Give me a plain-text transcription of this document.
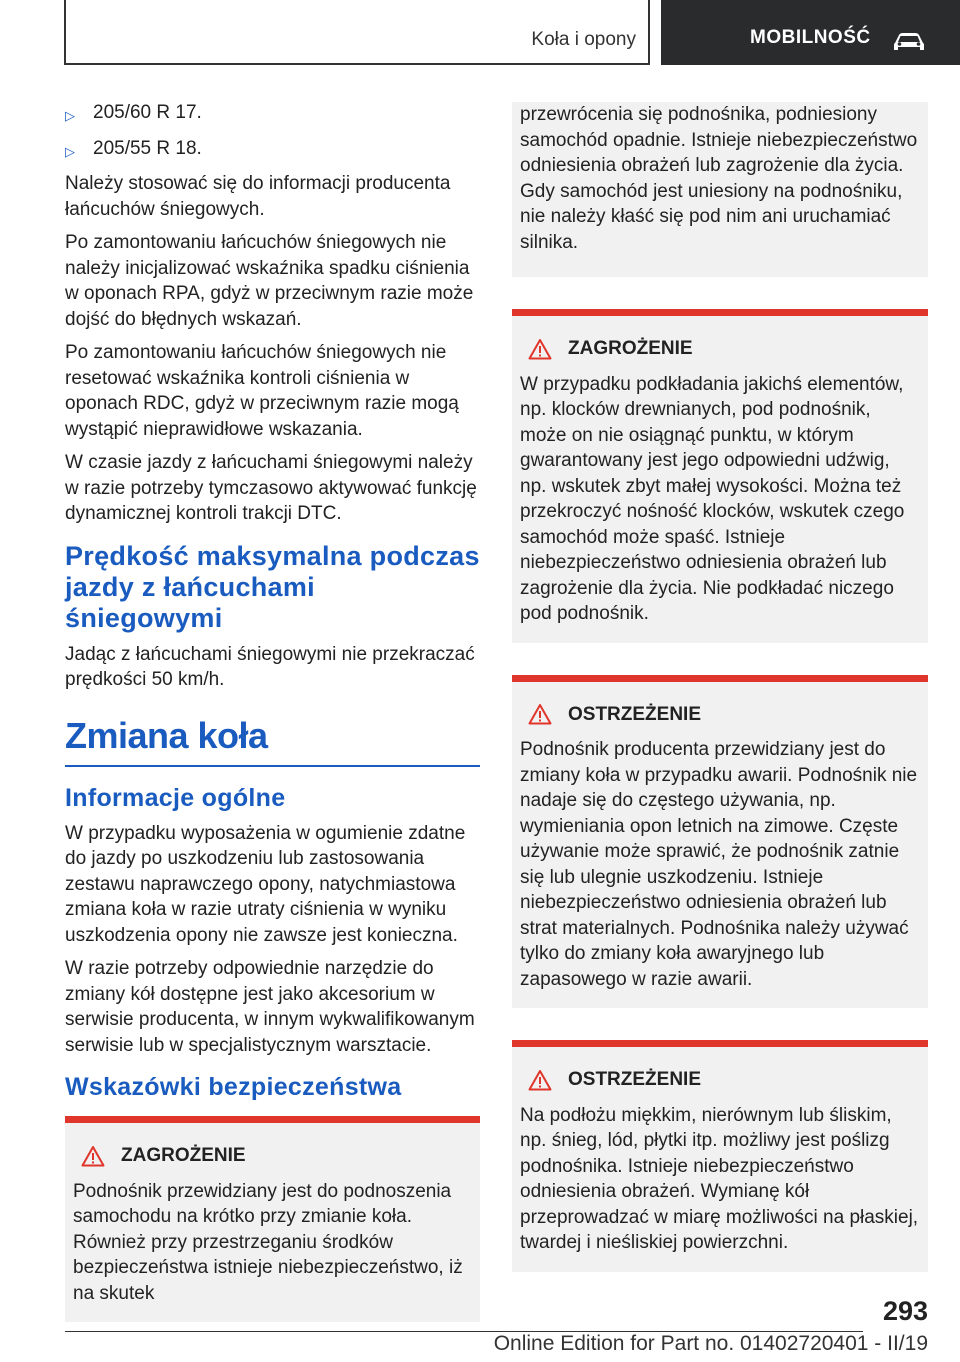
Koła i opony	MOBILNOŚĆ
▷ 205/60 R 17.
▷ 205/55 R 18.

Należy stosować się do informacji producenta łańcuchów śniegowych.

Po zamontowaniu łańcuchów śniegowych nie należy inicjalizować wskaźnika spadku ciśnienia w oponach RPA, gdyż w przeciwnym razie może dojść do błędnych wskazań.

Po zamontowaniu łańcuchów śniegowych nie resetować wskaźnika kontroli ciśnienia w oponach RDC, gdyż w przeciwnym razie mogą wystąpić nieprawidłowe wskazania.

W czasie jazdy z łańcuchami śniegowymi należy w razie potrzeby tymczasowo aktywować funkcję dynamicznej kontroli trakcji DTC.

Prędkość maksymalna podczas jazdy z łańcuchami śniegowymi

Jadąc z łańcuchami śniegowymi nie przekraczać prędkości 50 km/h.

Zmiana koła
Informacje ogólne

W przypadku wyposażenia w ogumienie zdatne do jazdy po uszkodzeniu lub zastosowania zestawu naprawczego opony, natychmiastowa zmiana koła w razie utraty ciśnienia w wyniku uszkodzenia opony nie zawsze jest konieczna.

W razie potrzeby odpowiednie narzędzie do zmiany kół dostępne jest jako akcesorium w serwisie producenta, w innym wykwalifikowanym serwisie lub w specjalistycznym warsztacie.

Wskazówki bezpieczeństwa
ZAGROŻENIE
Podnośnik przewidziany jest do podnoszenia samochodu na krótko przy zmianie koła. Również przy przestrzeganiu środków bezpieczeństwa istnieje niebezpieczeństwo, iż na skutek
przewrócenia się podnośnika, podniesiony samochód opadnie. Istnieje niebezpieczeństwo odniesienia obrażeń lub zagrożenie dla życia. Gdy samochód jest uniesiony na podnośniku, nie należy kłaść się pod nim ani uruchamiać silnika.
ZAGROŻENIE
W przypadku podkładania jakichś elementów, np. klocków drewnianych, pod podnośnik, może on nie osiągnąć punktu, w którym gwarantowany jest jego odpowiedni udźwig, np. wskutek zbyt małej wysokości. Można też przekroczyć nośność klocków, wskutek czego samochód może spaść. Istnieje niebezpieczeństwo odniesienia obrażeń lub zagrożenie dla życia. Nie podkładać niczego pod podnośnik.
OSTRZEŻENIE
Podnośnik producenta przewidziany jest do zmiany koła w przypadku awarii. Podnośnik nie nadaje się do częstego używania, np. wymieniania opon letnich na zimowe. Częste używanie może sprawić, że podnośnik zatnie się lub ulegnie uszkodzeniu. Istnieje niebezpieczeństwo odniesienia obrażeń lub strat materialnych. Podnośnika należy używać tylko do zmiany koła awaryjnego lub zapasowego w razie awarii.
OSTRZEŻENIE
Na podłożu miękkim, nierównym lub śliskim, np. śnieg, lód, płytki itp. możliwy jest poślizg podnośnika. Istnieje niebezpieczeństwo odniesienia obrażeń. Wymianę kół przeprowadzać w miarę możliwości na płaskiej, twardej i nieśliskiej powierzchni.
293
Online Edition for Part no. 01402720401 - II/19
